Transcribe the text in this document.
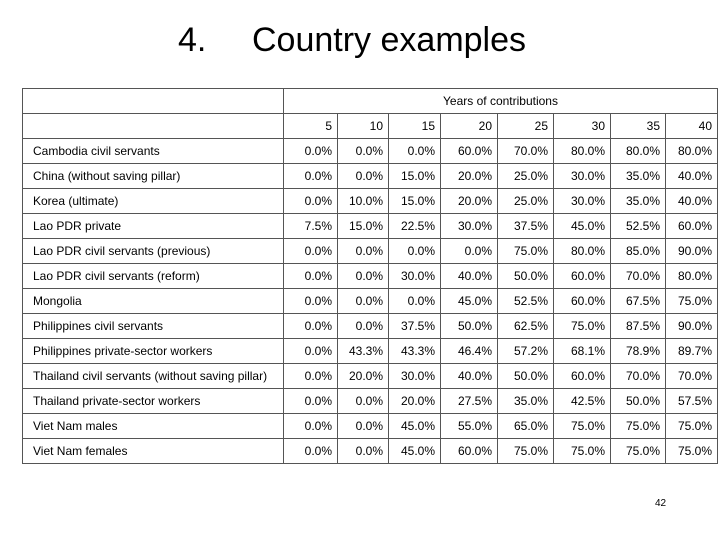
4. Country examples
	Years of contributions							
	5	10	15	20	25	30	35	40
Cambodia civil servants	0.0%	0.0%	0.0%	60.0%	70.0%	80.0%	80.0%	80.0%
China (without saving pillar)	0.0%	0.0%	15.0%	20.0%	25.0%	30.0%	35.0%	40.0%
Korea (ultimate)	0.0%	10.0%	15.0%	20.0%	25.0%	30.0%	35.0%	40.0%
Lao PDR private	7.5%	15.0%	22.5%	30.0%	37.5%	45.0%	52.5%	60.0%
Lao PDR civil servants (previous)	0.0%	0.0%	0.0%	0.0%	75.0%	80.0%	85.0%	90.0%
Lao PDR civil servants (reform)	0.0%	0.0%	30.0%	40.0%	50.0%	60.0%	70.0%	80.0%
Mongolia	0.0%	0.0%	0.0%	45.0%	52.5%	60.0%	67.5%	75.0%
Philippines civil servants	0.0%	0.0%	37.5%	50.0%	62.5%	75.0%	87.5%	90.0%
Philippines private-sector workers	0.0%	43.3%	43.3%	46.4%	57.2%	68.1%	78.9%	89.7%
Thailand civil servants (without saving pillar)	0.0%	20.0%	30.0%	40.0%	50.0%	60.0%	70.0%	70.0%
Thailand private-sector workers	0.0%	0.0%	20.0%	27.5%	35.0%	42.5%	50.0%	57.5%
Viet Nam males	0.0%	0.0%	45.0%	55.0%	65.0%	75.0%	75.0%	75.0%
Viet Nam females	0.0%	0.0%	45.0%	60.0%	75.0%	75.0%	75.0%	75.0%
42
